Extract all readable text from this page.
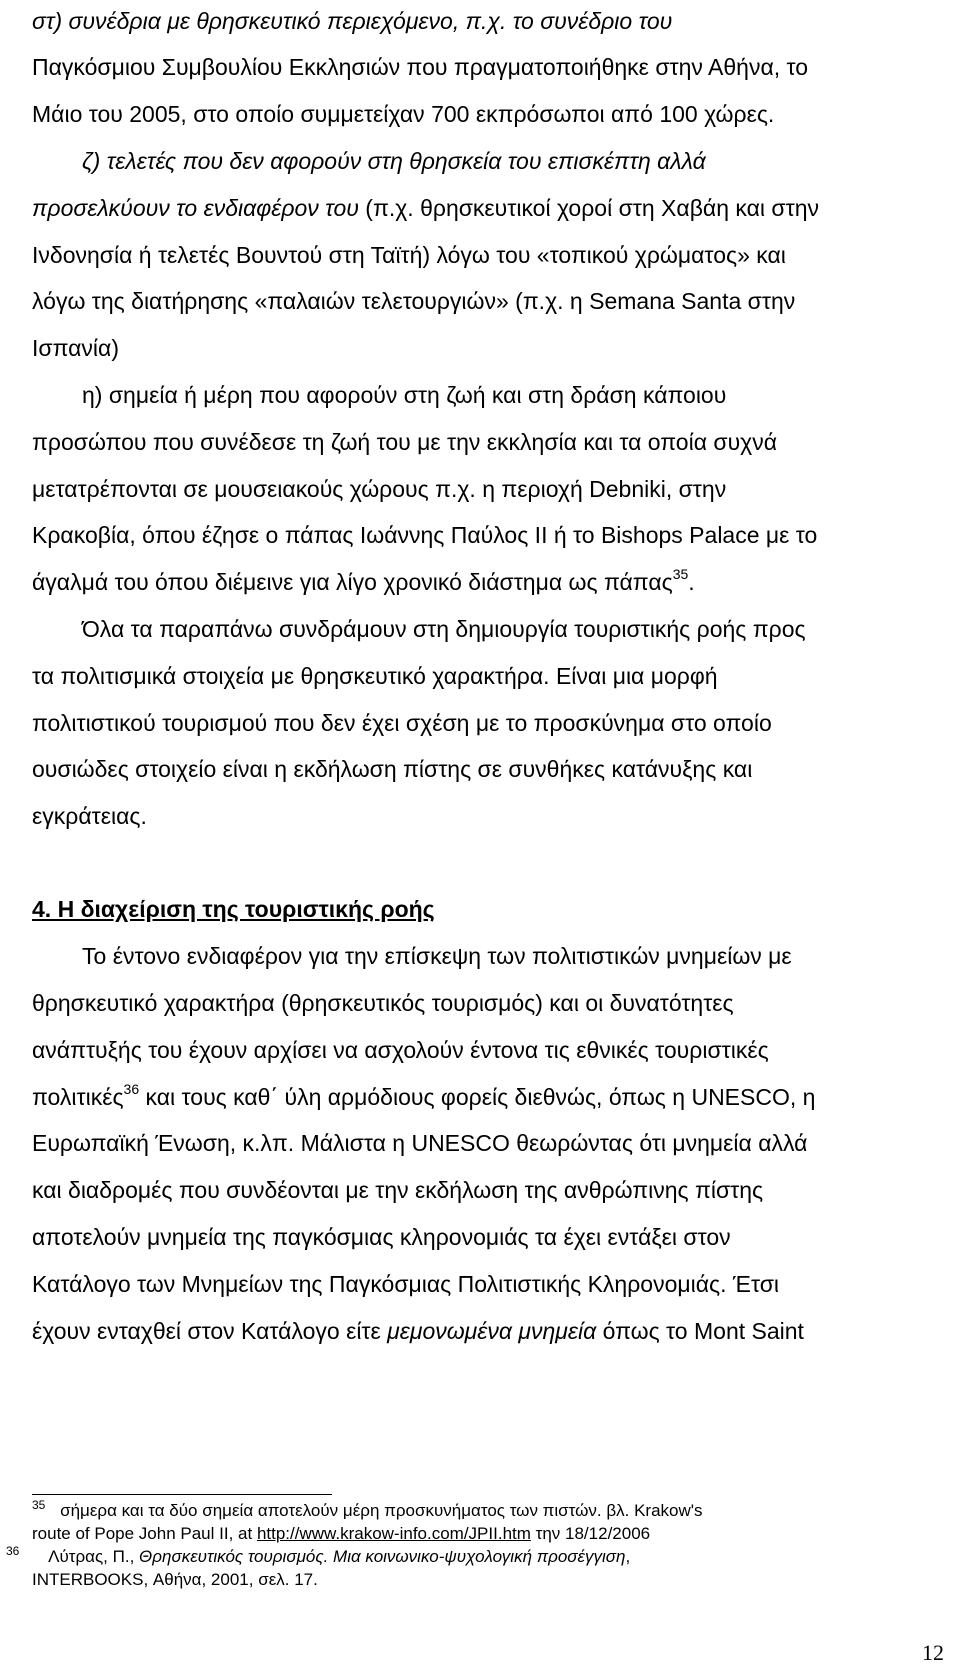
στ) συνέδρια με θρησκευτικό περιεχόμενο, π.χ. το συνέδριο του
Παγκόσμιου Συμβουλίου Εκκλησιών που πραγματοποιήθηκε στην Αθήνα, το
Μάιο του 2005, στο οποίο συμμετείχαν 700 εκπρόσωποι από 100 χώρες.
ζ) τελετές που δεν αφορούν στη θρησκεία του επισκέπτη αλλά
προσελκύουν το ενδιαφέρον του (π.χ. θρησκευτικοί χοροί στη Χαβάη και στην
Ινδονησία ή τελετές Βουντού στη Ταϊτή) λόγω του «τοπικού χρώματος» και
λόγω της διατήρησης «παλαιών τελετουργιών» (π.χ. η Semana Santa στην
Ισπανία)
η) σημεία ή μέρη που αφορούν στη ζωή και στη δράση κάποιου
προσώπου που συνέδεσε τη ζωή του με την εκκλησία και τα οποία συχνά
μετατρέπονται σε μουσειακούς χώρους π.χ. η περιοχή Debniki, στην
Κρακοβία, όπου έζησε ο πάπας Ιωάννης Παύλος ΙΙ ή το Bishops Palace με το
άγαλμά του όπου διέμεινε για λίγο χρονικό διάστημα ως πάπας$^{35}$.
Όλα τα παραπάνω συνδράμουν στη δημιουργία τουριστικής ροής προς
τα πολιτισμικά στοιχεία με θρησκευτικό χαρακτήρα. Είναι μια μορφή
πολιτιστικού τουρισμού που δεν έχει σχέση με το προσκύνημα στο οποίο
ουσιώδες στοιχείο είναι η εκδήλωση πίστης σε συνθήκες κατάνυξης και
εγκράτειας.
4. Η διαχείριση της τουριστικής ροής
Το έντονο ενδιαφέρον για την επίσκεψη των πολιτιστικών μνημείων με
θρησκευτικό χαρακτήρα (θρησκευτικός τουρισμός) και οι δυνατότητες
ανάπτυξής του έχουν αρχίσει να ασχολούν έντονα τις εθνικές τουριστικές
πολιτικές$^{36}$ και τους καθ΄ ύλη αρμόδιους φορείς διεθνώς, όπως η UNESCO, η
Ευρωπαϊκή Ένωση, κ.λπ. Μάλιστα η UNESCO θεωρώντας ότι μνημεία αλλά
και διαδρομές που συνδέονται με την εκδήλωση της ανθρώπινης πίστης
αποτελούν μνημεία της παγκόσμιας κληρονομιάς τα έχει εντάξει στον
Κατάλογο των Μνημείων της Παγκόσμιας Πολιτιστικής Κληρονομιάς. Έτσι
έχουν ενταχθεί στον Κατάλογο είτε μεμονωμένα μνημεία όπως το Mont Saint
$^{35}$ σήμερα και τα δύο σημεία αποτελούν μέρη προσκυνήματος των πιστών. βλ. Krakow's
route of Pope John Paul II, at http://www.krakow-info.com/JPII.htm την 18/12/2006
$^{36}$ Λύτρας, Π., Θρησκευτικός τουρισμός. Μια κοινωνικο-ψυχολογική προσέγγιση,
INTERBOOKS, Αθήνα, 2001, σελ. 17.
12
